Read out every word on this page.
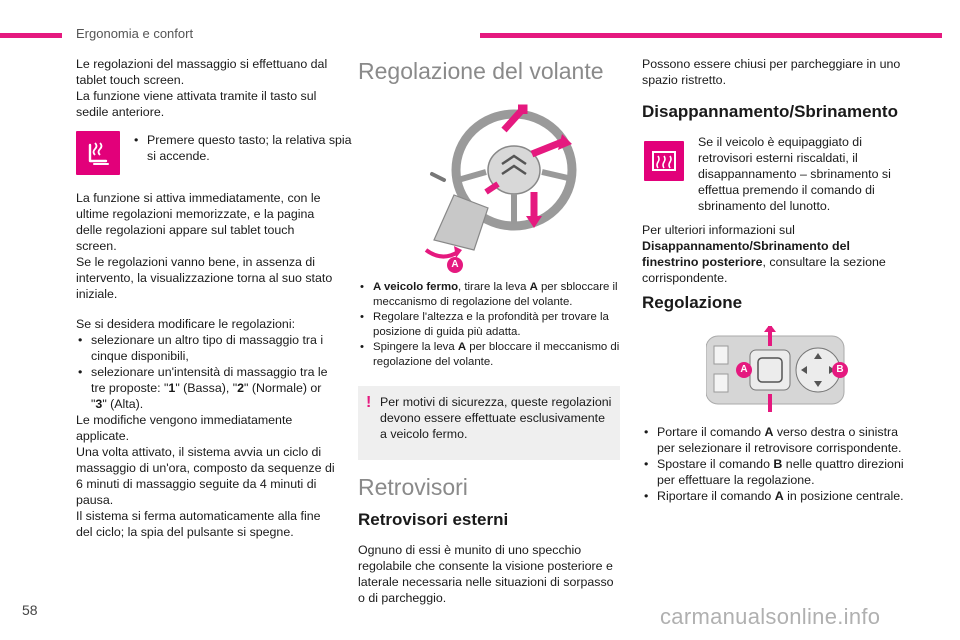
Ergonomia e confort

Le regolazioni del massaggio si effettuano dal tablet touch screen.

La funzione viene attivata tramite il tasto sul sedile anteriore.

• Premere questo tasto; la relativa spia si accende.

La funzione si attiva immediatamente, con le ultime regolazioni memorizzate, e la pagina delle regolazioni appare sul tablet touch screen.

Se le regolazioni vanno bene, in assenza di intervento, la visualizzazione torna al suo stato iniziale.

Se si desidera modificare le regolazioni:

• selezionare un altro tipo di massaggio tra i cinque disponibili,

• selezionare un'intensità di massaggio tra le tre proposte: "1" (Bassa), "2" (Normale) or "3" (Alta).

Le modifiche vengono immediatamente applicate.

Una volta attivato, il sistema avvia un ciclo di massaggio di un'ora, composto da sequenze di 6 minuti di massaggio seguite da 4 minuti di pausa.

Il sistema si ferma automaticamente alla fine del ciclo; la spia del pulsante si spegne.

Regolazione del volante
A

• A veicolo fermo, tirare la leva A per sbloccare il meccanismo di regolazione del volante.

• Regolare l'altezza e la profondità per trovare la posizione di guida più adatta.

• Spingere la leva A per bloccare il meccanismo di regolazione del volante.

! Per motivi di sicurezza, queste regolazioni devono essere effettuate esclusivamente a veicolo fermo.

Retrovisori
Retrovisori esterni

Ognuno di essi è munito di uno specchio regolabile che consente la visione posteriore e laterale necessaria nelle situazioni di sorpasso o di parcheggio.

Possono essere chiusi per parcheggiare in uno spazio ristretto.

Disappannamento/Sbrinamento

Se il veicolo è equipaggiato di retrovisori esterni riscaldati, il disappannamento – sbrinamento si effettua premendo il comando di sbrinamento del lunotto.

Per ulteriori informazioni sul Disappannamento/Sbrinamento del finestrino posteriore, consultare la sezione corrispondente.

Regolazione
A	B

• Portare il comando A verso destra o sinistra per selezionare il retrovisore corrispondente.

• Spostare il comando B nelle quattro direzioni per effettuare la regolazione.

• Riportare il comando A in posizione centrale.

58	carmanualsonline.info
